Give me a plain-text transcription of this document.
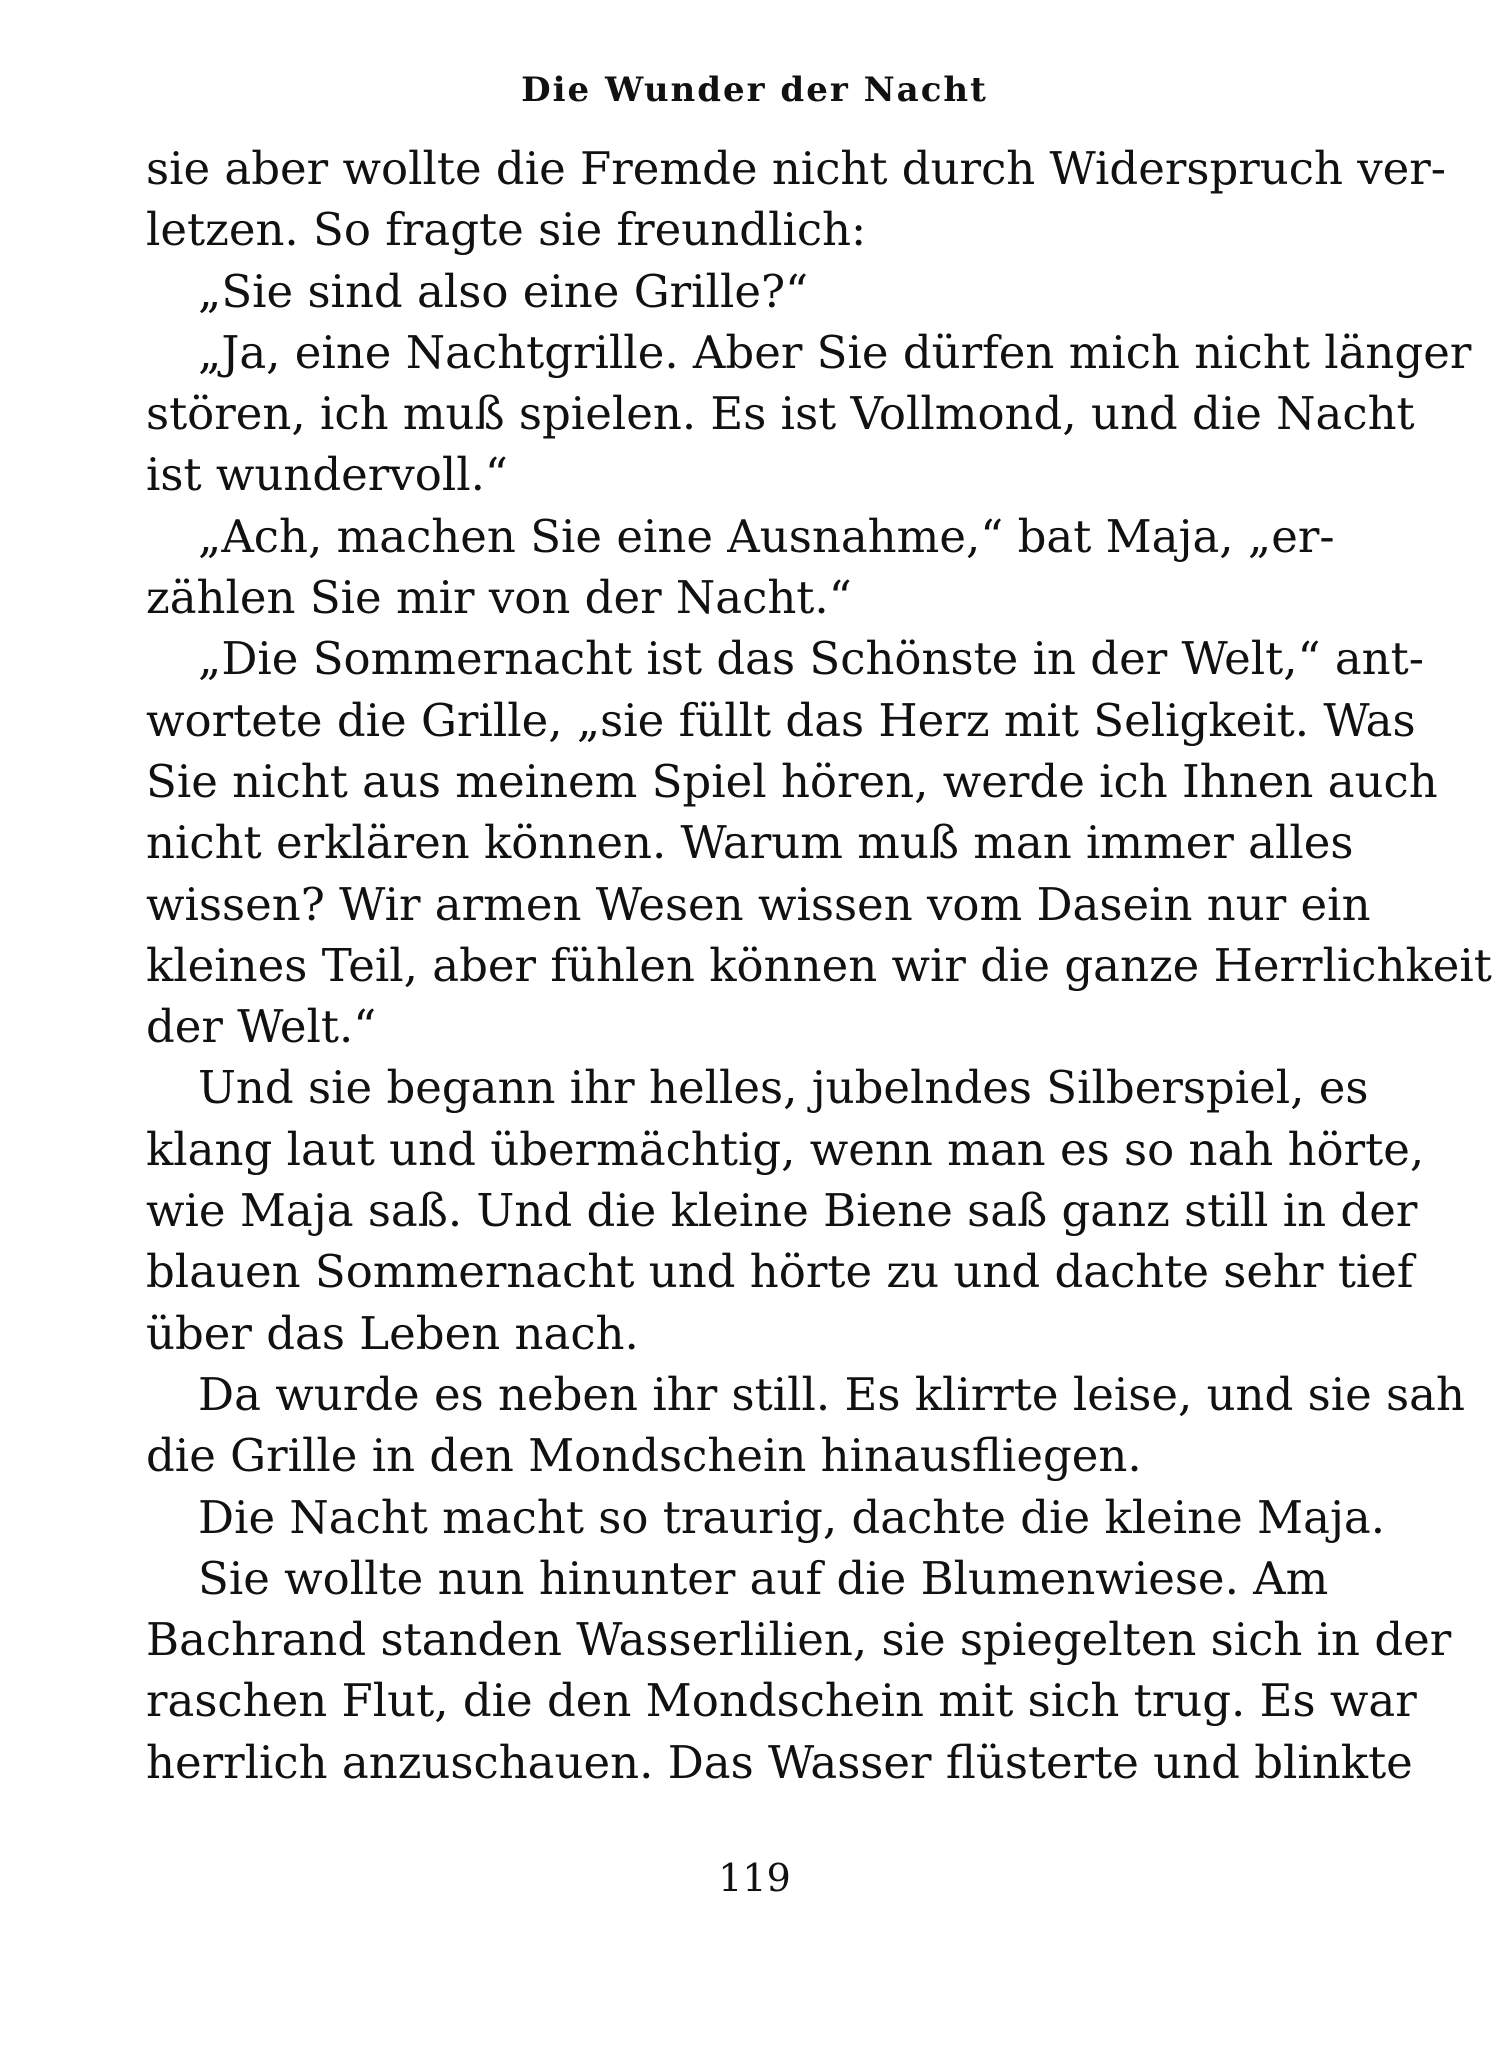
Die Wunder der Nacht
sie aber wollte die Fremde nicht durch Widerspruch ver-
letzen. So fragte sie freundlich:
„Sie sind also eine Grille?“
„Ja, eine Nachtgrille. Aber Sie dürfen mich nicht länger
stören, ich muß spielen. Es ist Vollmond, und die Nacht
ist wundervoll.“
„Ach, machen Sie eine Ausnahme,“ bat Maja, „er-
zählen Sie mir von der Nacht.“
„Die Sommernacht ist das Schönste in der Welt,“ ant-
wortete die Grille, „sie füllt das Herz mit Seligkeit. Was
Sie nicht aus meinem Spiel hören, werde ich Ihnen auch
nicht erklären können. Warum muß man immer alles
wissen? Wir armen Wesen wissen vom Dasein nur ein
kleines Teil, aber fühlen können wir die ganze Herrlichkeit
der Welt.“
Und sie begann ihr helles, jubelndes Silberspiel, es
klang laut und übermächtig, wenn man es so nah hörte,
wie Maja saß. Und die kleine Biene saß ganz still in der
blauen Sommernacht und hörte zu und dachte sehr tief
über das Leben nach.
Da wurde es neben ihr still. Es klirrte leise, und sie sah
die Grille in den Mondschein hinausfliegen.
Die Nacht macht so traurig, dachte die kleine Maja.
Sie wollte nun hinunter auf die Blumenwiese. Am
Bachrand standen Wasserlilien, sie spiegelten sich in der
raschen Flut, die den Mondschein mit sich trug. Es war
herrlich anzuschauen. Das Wasser flüsterte und blinkte
119
